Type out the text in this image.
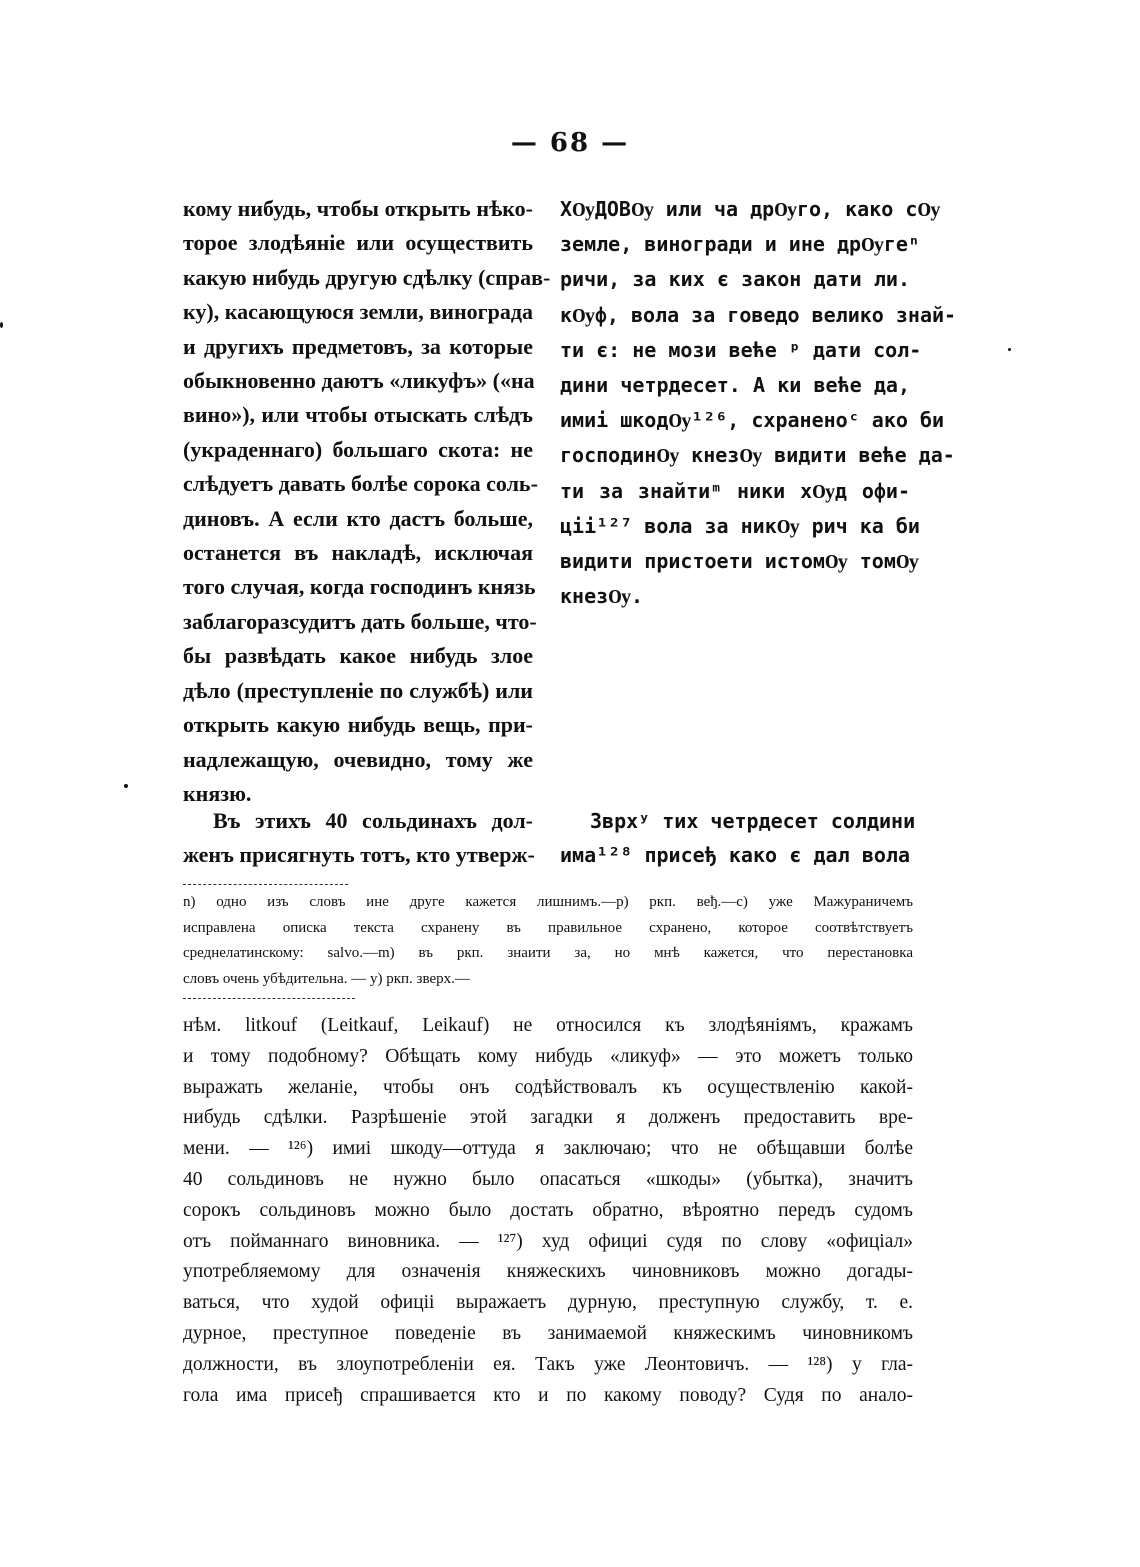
— 68 —
кому нибудь, чтобы открыть нѣко-
торое злодѣяніе или осуществить
какую нибудь другую сдѣлку (справ-
ку), касающуюся земли, винограда
и другихъ предметовъ, за которые
обыкновенно даютъ «ликуфъ» («на
вино»), или чтобы отыскать слѣдъ
(украденнаго) большаго скота: не
слѣдуетъ давать болѣе сорока соль-
диновъ. А если кто дастъ больше,
останется въ накладѣ, исключая
того случая, когда господинъ князь
заблагоразсудитъ дать больше, что-
бы развѣдать какое нибудь злое
дѣло (преступленіе по службѣ) или
открыть какую нибудь вещь, при-
надлежащую, очевидно, тому же
князю.
ХѸДОВѸ или ча дрѸго, како сѸ
земле, виногради и ине дрѸгеⁿ
ричи, за ких є закон дати ли.
кѸф, вола за говедо велико знай-
ти є: не мози веће ᵖ дати сол-
дини четрдесет. А ки веће да,
имиі шкодѸ¹²⁶, схраненоᶜ ако би
господинѸ кнезѸ видити веће да-
ти за знайтиᵐ ники хѸд офи-
ціі¹²⁷ вола за никѸ рич ка би
видити пристоети истомѸ томѸ
кнезѸ.
Въ этихъ 40 сольдинахъ дол-
женъ присягнуть тотъ, кто утверж-
Зврхʸ тих четрдесет солдини
има¹²⁸ присеђ како є дал вола
n) одно изъ словъ ине друге кажется лишнимъ.—p) ркп. веђ.—c) уже Мажураничемъ
исправлена описка текста схранену въ правильное схранено, которое соотвѣтствуетъ
среднелатинскому: salvo.—m) въ ркп. знаити за, но мнѣ кажется, что перестановка
словъ очень убѣдительна. — y) ркп. зверх.—
нѣм. litkouf (Leitkauf, Leikauf) не относился къ злодѣяніямъ, кражамъ
и тому подобному? Обѣщать кому нибудь «ликуф» — это можетъ только
выражать желаніе, чтобы онъ содѣйствовалъ къ осуществленію какой-
нибудь сдѣлки. Разрѣшеніе этой загадки я долженъ предоставить вре-
мени. — ¹²⁶) имиі шкоду—оттуда я заключаю; что не обѣщавши болѣе
40 сольдиновъ не нужно было опасаться «шкоды» (убытка), значитъ
сорокъ сольдиновъ можно было достать обратно, вѣроятно передъ судомъ
отъ пойманнаго виновника. — ¹²⁷) худ официі судя по слову «офиціал»
употребляемому для означенія княжескихъ чиновниковъ можно догады-
ваться, что худой офиціі выражаетъ дурную, преступную службу, т. е.
дурное, преступное поведеніе въ занимаемой княжескимъ чиновникомъ
должности, въ злоупотребленіи ея. Такъ уже Леонтовичъ. — ¹²⁸) у гла-
гола има присеђ спрашивается кто и по какому поводу? Судя по анало-
